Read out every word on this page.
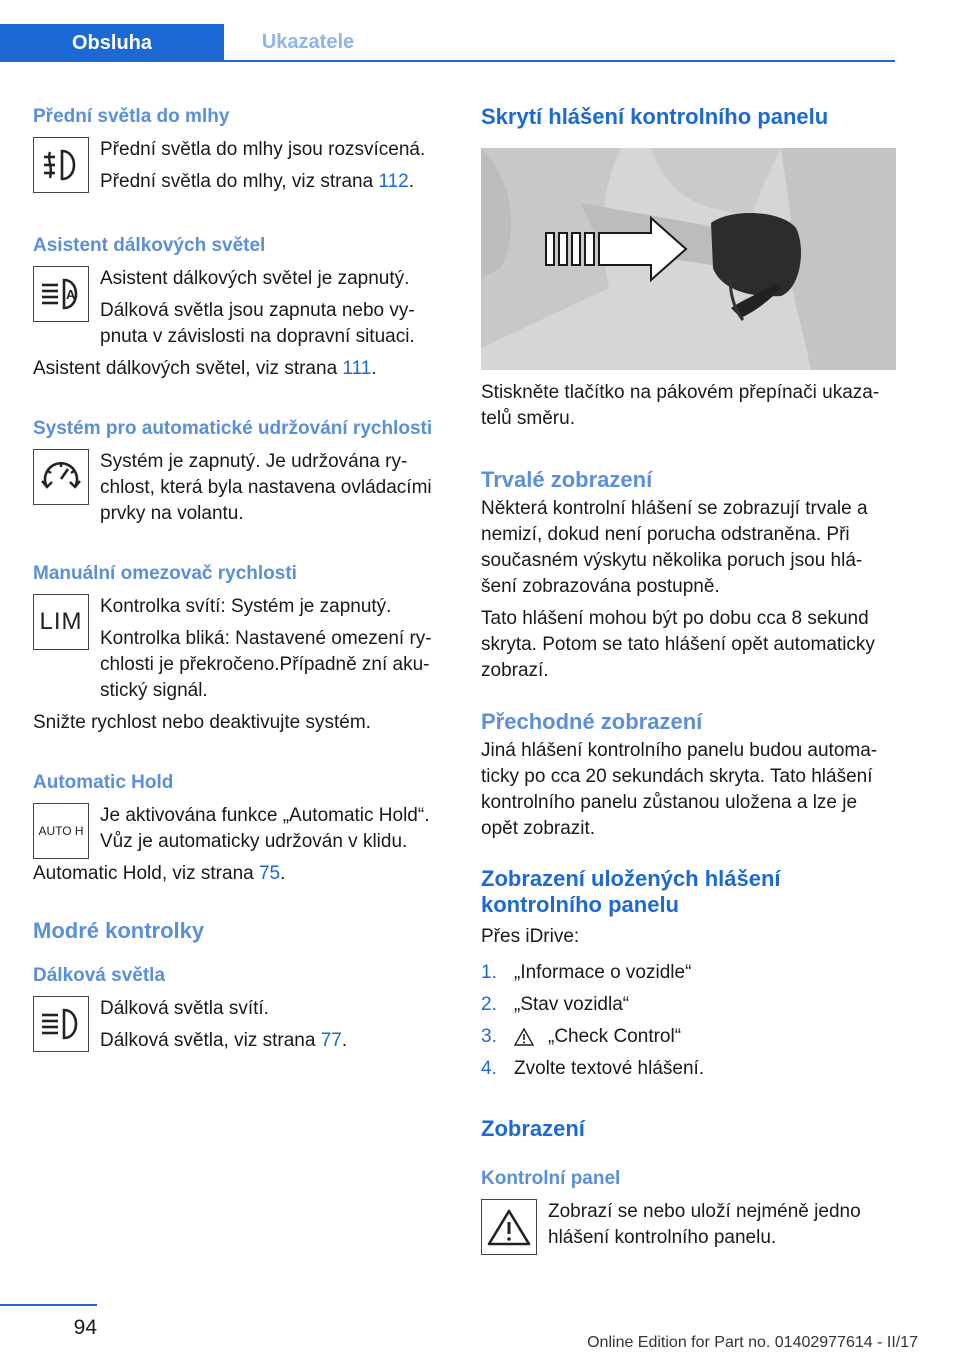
Obsluha	Ukazatele
Přední světla do mlhy

Přední světla do mlhy jsou rozsvícená.

Přední světla do mlhy, viz strana 112.

Asistent dálkových světel
A

Asistent dálkových světel je zapnutý.

Dálková světla jsou zapnuta nebo vy‐pnuta v závislosti na dopravní situaci.

Asistent dálkových světel, viz strana 111.

Systém pro automatické udržování rychlosti

Systém je zapnutý. Je udržována ry‐chlost, která byla nastavena ovládacími prvky na volantu.

Manuální omezovač rychlosti
LIM

Kontrolka svítí: Systém je zapnutý.

Kontrolka bliká: Nastavené omezení ry‐chlosti je překročeno.Případně zní aku‐stický signál.

Snižte rychlost nebo deaktivujte systém.

Automatic Hold
AUTO H

Je aktivována funkce „Automatic Hold“. Vůz je automaticky udržován v klidu.

Automatic Hold, viz strana 75.

Modré kontrolky
Dálková světla

Dálková světla svítí.

Dálková světla, viz strana 77.

Skrytí hlášení kontrolního panelu

Stiskněte tlačítko na pákovém přepínači ukaza‐telů směru.

Trvalé zobrazení

Některá kontrolní hlášení se zobrazují trvale a nemizí, dokud není porucha odstraněna. Při současném výskytu několika poruch jsou hlá‐šení zobrazována postupně.

Tato hlášení mohou být po dobu cca 8 sekund skryta. Potom se tato hlášení opět automaticky zobrazí.

Přechodné zobrazení

Jiná hlášení kontrolního panelu budou automa‐ticky po cca 20 sekundách skryta. Tato hlášení kontrolního panelu zůstanou uložena a lze je opět zobrazit.

Zobrazení uložených hlášení kontrolního panelu

Přes iDrive:

1. „Informace o vozidle“
2. „Stav vozidla“
3.	„Check Control“
4. Zvolte textové hlášení.
Zobrazení
Kontrolní panel

Zobrazí se nebo uloží nejméně jedno hlášení kontrolního panelu.

94
Online Edition for Part no. 01402977614 - II/17
